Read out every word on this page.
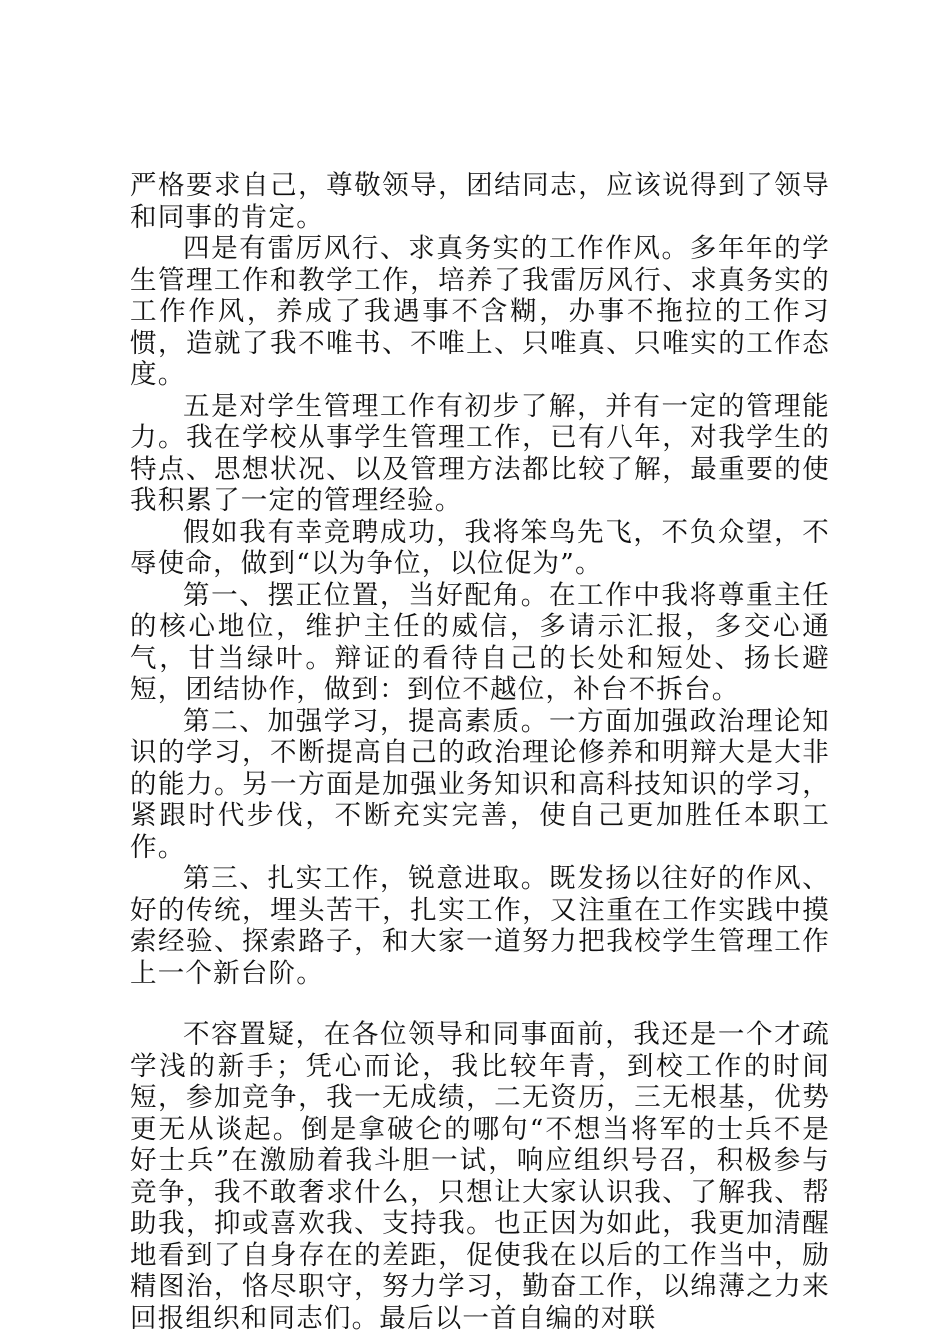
严格要求自己，尊敬领导，团结同志，应该说得到了领导和同事的肯定。

四是有雷厉风行、求真务实的工作作风。多年年的学生管理工作和教学工作，培养了我雷厉风行、求真务实的工作作风，养成了我遇事不含糊，办事不拖拉的工作习惯，造就了我不唯书、不唯上、只唯真、只唯实的工作态度。

五是对学生管理工作有初步了解，并有一定的管理能力。我在学校从事学生管理工作，已有八年，对我学生的特点、思想状况、以及管理方法都比较了解，最重要的使我积累了一定的管理经验。

假如我有幸竞聘成功，我将笨鸟先飞，不负众望，不辱使命，做到“以为争位，以位促为”。

第一、摆正位置，当好配角。在工作中我将尊重主任的核心地位，维护主任的威信，多请示汇报，多交心通气，甘当绿叶。辩证的看待自己的长处和短处、扬长避短，团结协作，做到：到位不越位，补台不拆台。

第二、加强学习，提高素质。一方面加强政治理论知识的学习，不断提高自己的政治理论修养和明辩大是大非的能力。另一方面是加强业务知识和高科技知识的学习，紧跟时代步伐，不断充实完善，使自己更加胜任本职工作。

第三、扎实工作，锐意进取。既发扬以往好的作风、好的传统，埋头苦干，扎实工作，又注重在工作实践中摸索经验、探索路子，和大家一道努力把我校学生管理工作上一个新台阶。

不容置疑，在各位领导和同事面前，我还是一个才疏学浅的新手；凭心而论，我比较年青，到校工作的时间短，参加竞争，我一无成绩，二无资历，三无根基，优势更无从谈起。倒是拿破仑的哪句“不想当将军的士兵不是好士兵”在激励着我斗胆一试，响应组织号召，积极参与竞争，我不敢奢求什么，只想让大家认识我、了解我、帮助我，抑或喜欢我、支持我。也正因为如此，我更加清醒地看到了自身存在的差距，促使我在以后的工作当中，励精图治，恪尽职守，努力学习，勤奋工作，以绵薄之力来回报组织和同志们。最后以一首自编的对联
